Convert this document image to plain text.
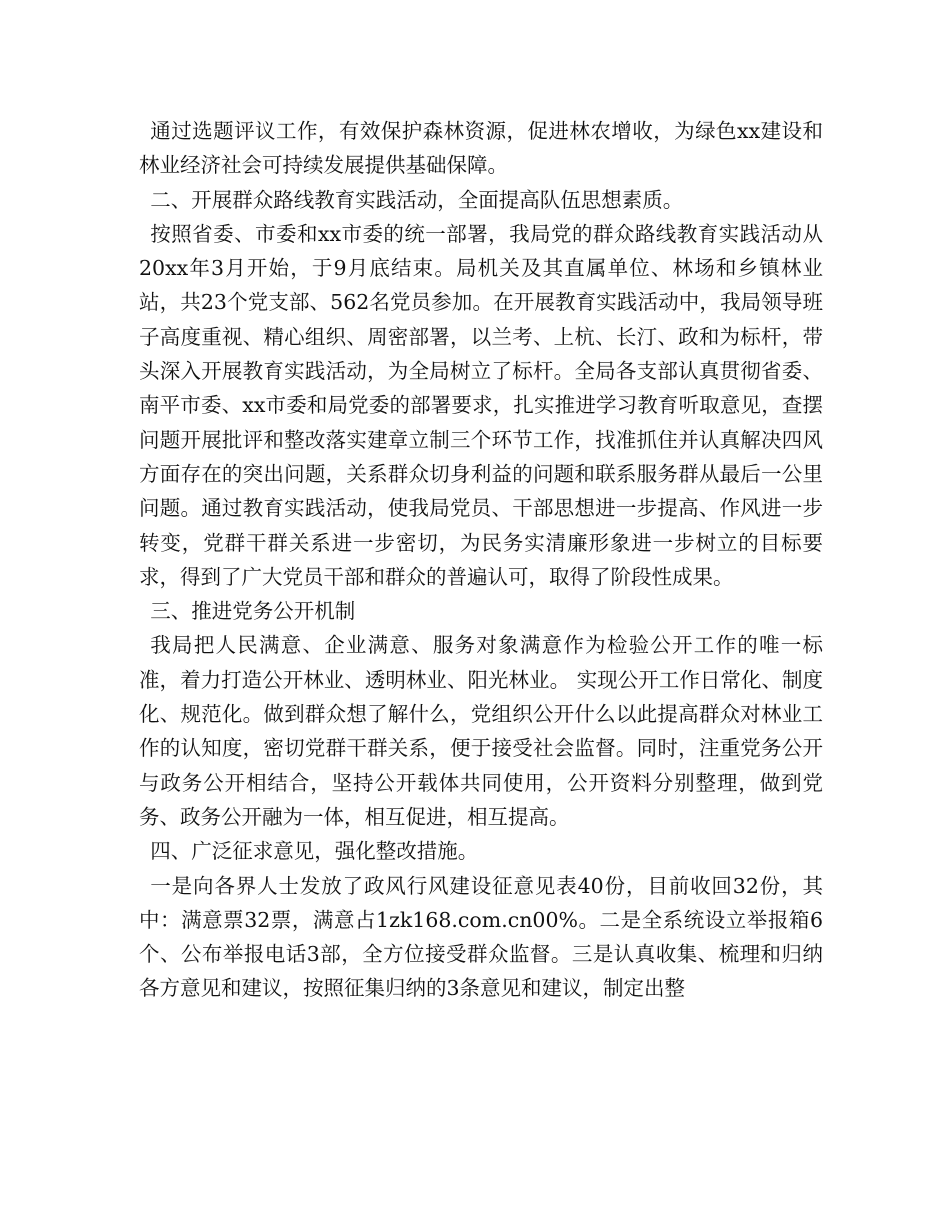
通过选题评议工作，有效保护森林资源，促进林农增收，为绿色xx建设和林业经济社会可持续发展提供基础保障。

二、开展群众路线教育实践活动，全面提高队伍思想素质。

按照省委、市委和xx市委的统一部署，我局党的群众路线教育实践活动从20xx年3月开始，于9月底结束。局机关及其直属单位、林场和乡镇林业站，共23个党支部、562名党员参加。在开展教育实践活动中，我局领导班子高度重视、精心组织、周密部署，以兰考、上杭、长汀、政和为标杆，带头深入开展教育实践活动，为全局树立了标杆。全局各支部认真贯彻省委、南平市委、xx市委和局党委的部署要求，扎实推进学习教育听取意见，查摆问题开展批评和整改落实建章立制三个环节工作，找准抓住并认真解决四风方面存在的突出问题，关系群众切身利益的问题和联系服务群从最后一公里问题。通过教育实践活动，使我局党员、干部思想进一步提高、作风进一步转变，党群干群关系进一步密切，为民务实清廉形象进一步树立的目标要求，得到了广大党员干部和群众的普遍认可，取得了阶段性成果。

三、推进党务公开机制

我局把人民满意、企业满意、服务对象满意作为检验公开工作的唯一标准，着力打造公开林业、透明林业、阳光林业。 实现公开工作日常化、制度化、规范化。做到群众想了解什么，党组织公开什么以此提高群众对林业工作的认知度，密切党群干群关系，便于接受社会监督。同时，注重党务公开与政务公开相结合，坚持公开载体共同使用，公开资料分别整理，做到党务、政务公开融为一体，相互促进，相互提高。

四、广泛征求意见，强化整改措施。

一是向各界人士发放了政风行风建设征意见表40份，目前收回32份，其中：满意票32票，满意占1zk168.com.cn00%。二是全系统设立举报箱6个、公布举报电话3部，全方位接受群众监督。三是认真收集、梳理和归纳各方意见和建议，按照征集归纳的3条意见和建议，制定出整
